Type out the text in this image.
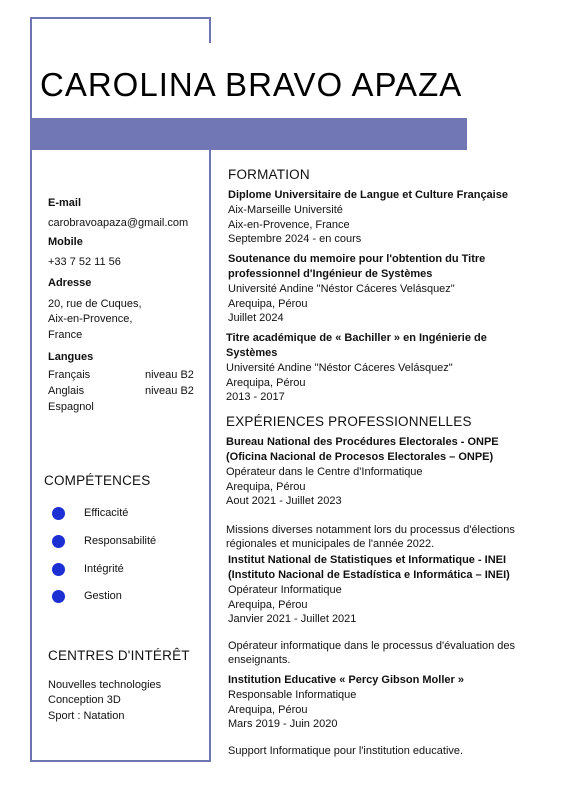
CAROLINA BRAVO APAZA
E-mail
carobravoapaza@gmail.com
Mobile
+33 7 52 11 56
Adresse
20, rue de Cuques,
Aix-en-Provence,
France
Langues
Français	niveau B2
Anglais	niveau B2
Espagnol
COMPÉTENCES
Efficacité
Responsabilité
Intégrité
Gestion
CENTRES D'INTÉRÊT
Nouvelles technologies
Conception 3D
Sport : Natation
FORMATION
Diplome Universitaire de Langue et Culture Française
Aix-Marseille Université
Aix-en-Provence, France
Septembre 2024 - en cours
Soutenance du memoire pour l'obtention du Titre
professionnel d'Ingénieur de Systèmes
Université Andine "Néstor Cáceres Velásquez"
Arequipa, Pérou
Juillet 2024
Titre académique de « Bachiller » en Ingénierie de
Systèmes
Université Andine "Néstor Cáceres Velásquez"
Arequipa, Pérou
2013 - 2017
EXPÉRIENCES PROFESSIONNELLES
Bureau National des Procédures Electorales - ONPE
(Oficina Nacional de Procesos Electorales – ONPE)
Opérateur dans le Centre d'Informatique
Arequipa, Pérou
Aout 2021 - Juillet 2023
Missions diverses notamment lors du processus d'élections
régionales et municipales de l'année 2022.
Institut National de Statistiques et Informatique - INEI
(Instituto Nacional de Estadística e Informática – INEI)
Opérateur Informatique
Arequipa, Pérou
Janvier 2021 - Juillet 2021
Opérateur informatique dans le processus d'évaluation des
enseignants.
Institution Educative « Percy Gibson Moller »
Responsable Informatique
Arequipa, Pérou
Mars 2019 - Juin 2020
Support Informatique pour l'institution educative.
